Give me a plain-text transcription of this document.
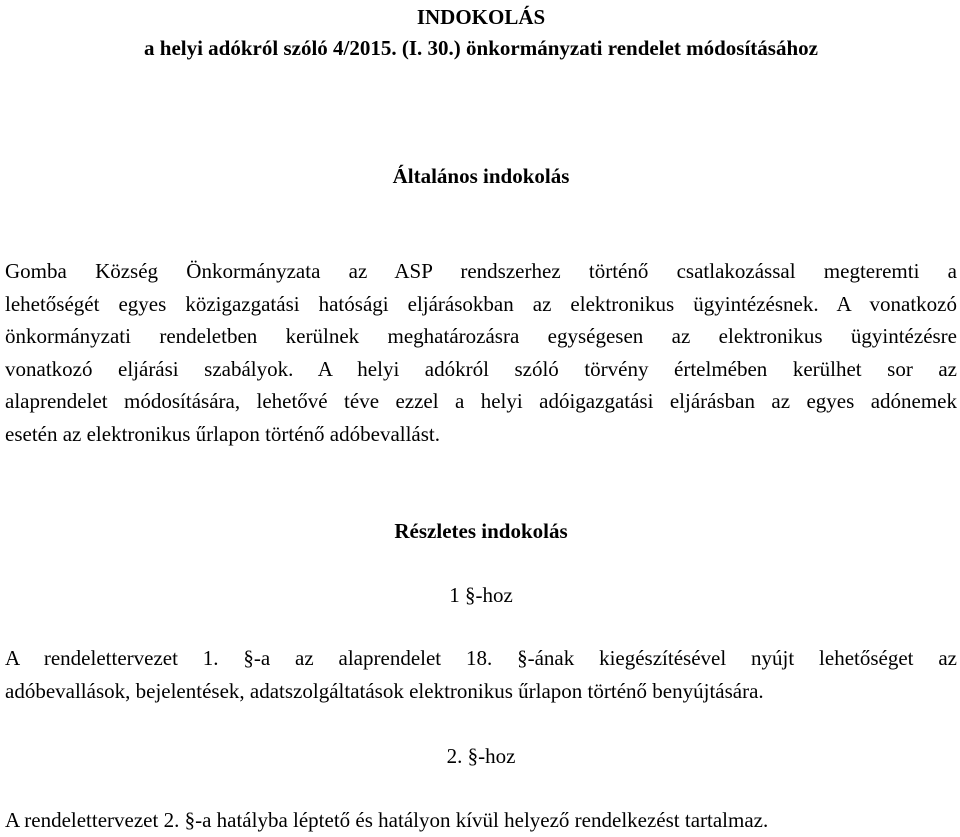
INDOKOLÁS
a helyi adókról szóló 4/2015. (I. 30.) önkormányzati rendelet módosításához
Általános indokolás
Gomba Község Önkormányzata az ASP rendszerhez történő csatlakozással megteremti a
lehetőségét egyes közigazgatási hatósági eljárásokban az elektronikus ügyintézésnek. A vonatkozó
önkormányzati rendeletben kerülnek meghatározásra egységesen az elektronikus ügyintézésre
vonatkozó eljárási szabályok. A helyi adókról szóló törvény értelmében kerülhet sor az
alaprendelet módosítására, lehetővé téve ezzel a helyi adóigazgatási eljárásban az egyes adónemek
esetén az elektronikus űrlapon történő adóbevallást.
Részletes indokolás
1 §-hoz
A rendelettervezet 1. §-a az alaprendelet 18. §-ának kiegészítésével nyújt lehetőséget az
adóbevallások, bejelentések, adatszolgáltatások elektronikus űrlapon történő benyújtására.
2. §-hoz
A rendelettervezet 2. §-a hatályba léptető és hatályon kívül helyező rendelkezést tartalmaz.
